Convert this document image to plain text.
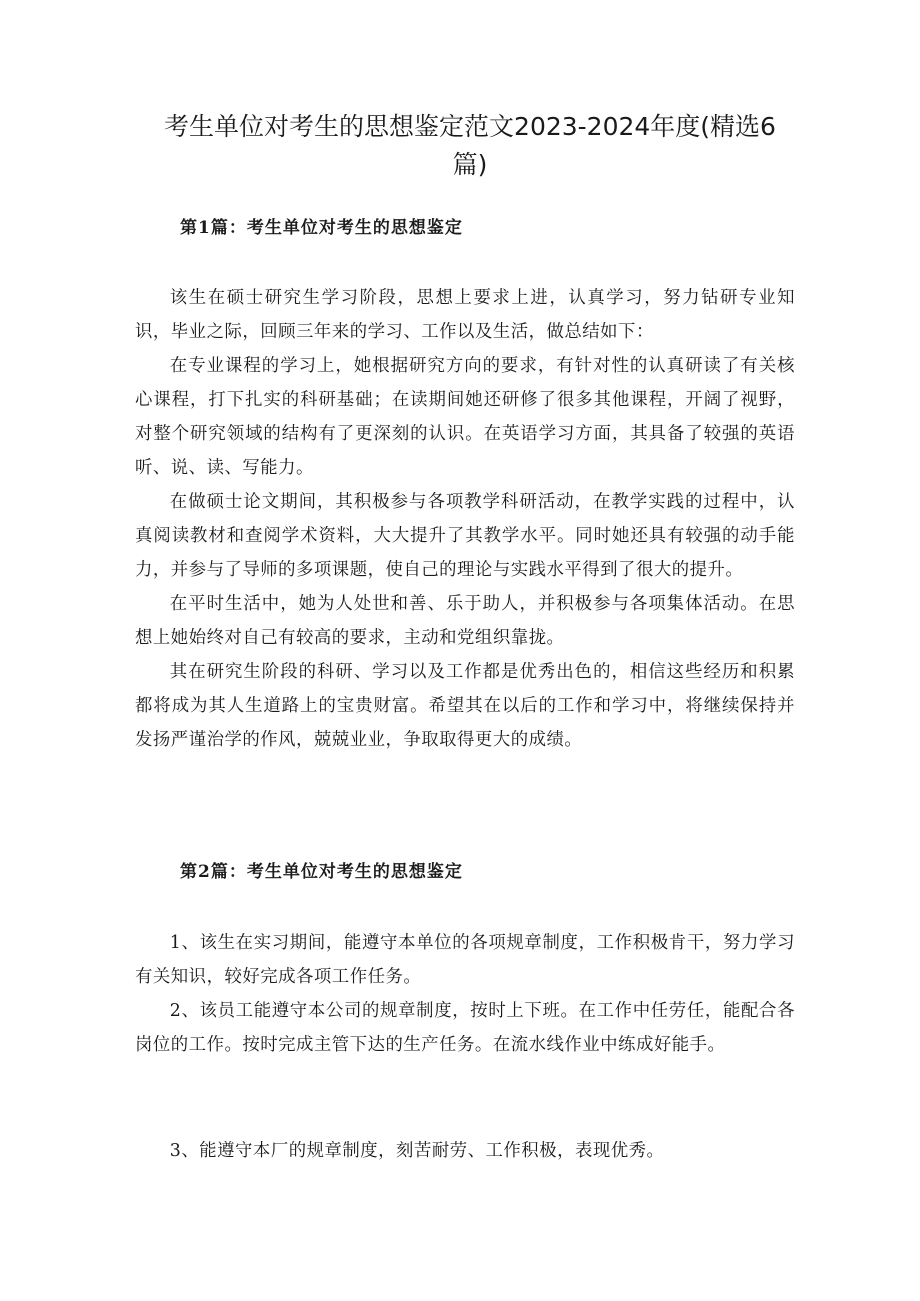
考生单位对考生的思想鉴定范文2023-2024年度(精选6篇)
第1篇：考生单位对考生的思想鉴定

该生在硕士研究生学习阶段，思想上要求上进，认真学习，努力钻研专业知识，毕业之际，回顾三年来的学习、工作以及生活，做总结如下：

在专业课程的学习上，她根据研究方向的要求，有针对性的认真研读了有关核心课程，打下扎实的科研基础；在读期间她还研修了很多其他课程，开阔了视野，对整个研究领域的结构有了更深刻的认识。在英语学习方面，其具备了较强的英语听、说、读、写能力。

在做硕士论文期间，其积极参与各项教学科研活动，在教学实践的过程中，认真阅读教材和查阅学术资料，大大提升了其教学水平。同时她还具有较强的动手能力，并参与了导师的多项课题，使自己的理论与实践水平得到了很大的提升。

在平时生活中，她为人处世和善、乐于助人，并积极参与各项集体活动。在思想上她始终对自己有较高的要求，主动和党组织靠拢。

其在研究生阶段的科研、学习以及工作都是优秀出色的，相信这些经历和积累都将成为其人生道路上的宝贵财富。希望其在以后的工作和学习中，将继续保持并发扬严谨治学的作风，兢兢业业，争取取得更大的成绩。

第2篇：考生单位对考生的思想鉴定

1、该生在实习期间，能遵守本单位的各项规章制度，工作积极肯干，努力学习有关知识，较好完成各项工作任务。

2、该员工能遵守本公司的规章制度，按时上下班。在工作中任劳任，能配合各岗位的工作。按时完成主管下达的生产任务。在流水线作业中练成好能手。

3、能遵守本厂的规章制度，刻苦耐劳、工作积极，表现优秀。
